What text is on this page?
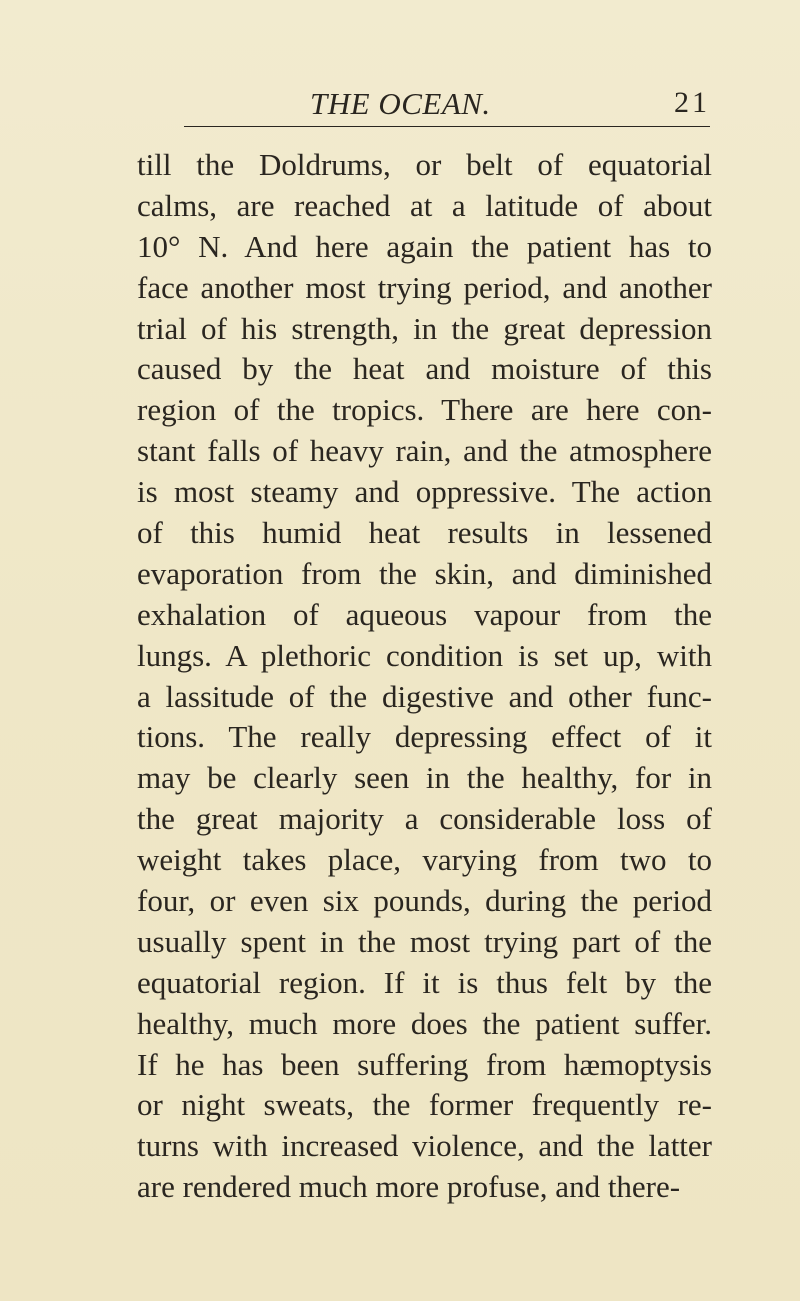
THE OCEAN.	21
till the Doldrums, or belt of equatorial
calms, are reached at a latitude of about
10° N. And here again the patient has to
face another most trying period, and another
trial of his strength, in the great depression
caused by the heat and moisture of this
region of the tropics. There are here con-
stant falls of heavy rain, and the atmosphere
is most steamy and oppressive. The action
of this humid heat results in lessened
evaporation from the skin, and diminished
exhalation of aqueous vapour from the
lungs. A plethoric condition is set up, with
a lassitude of the digestive and other func-
tions. The really depressing effect of it
may be clearly seen in the healthy, for in
the great majority a considerable loss of
weight takes place, varying from two to
four, or even six pounds, during the period
usually spent in the most trying part of the
equatorial region. If it is thus felt by the
healthy, much more does the patient suffer.
If he has been suffering from hæmoptysis
or night sweats, the former frequently re-
turns with increased violence, and the latter
are rendered much more profuse, and there-
